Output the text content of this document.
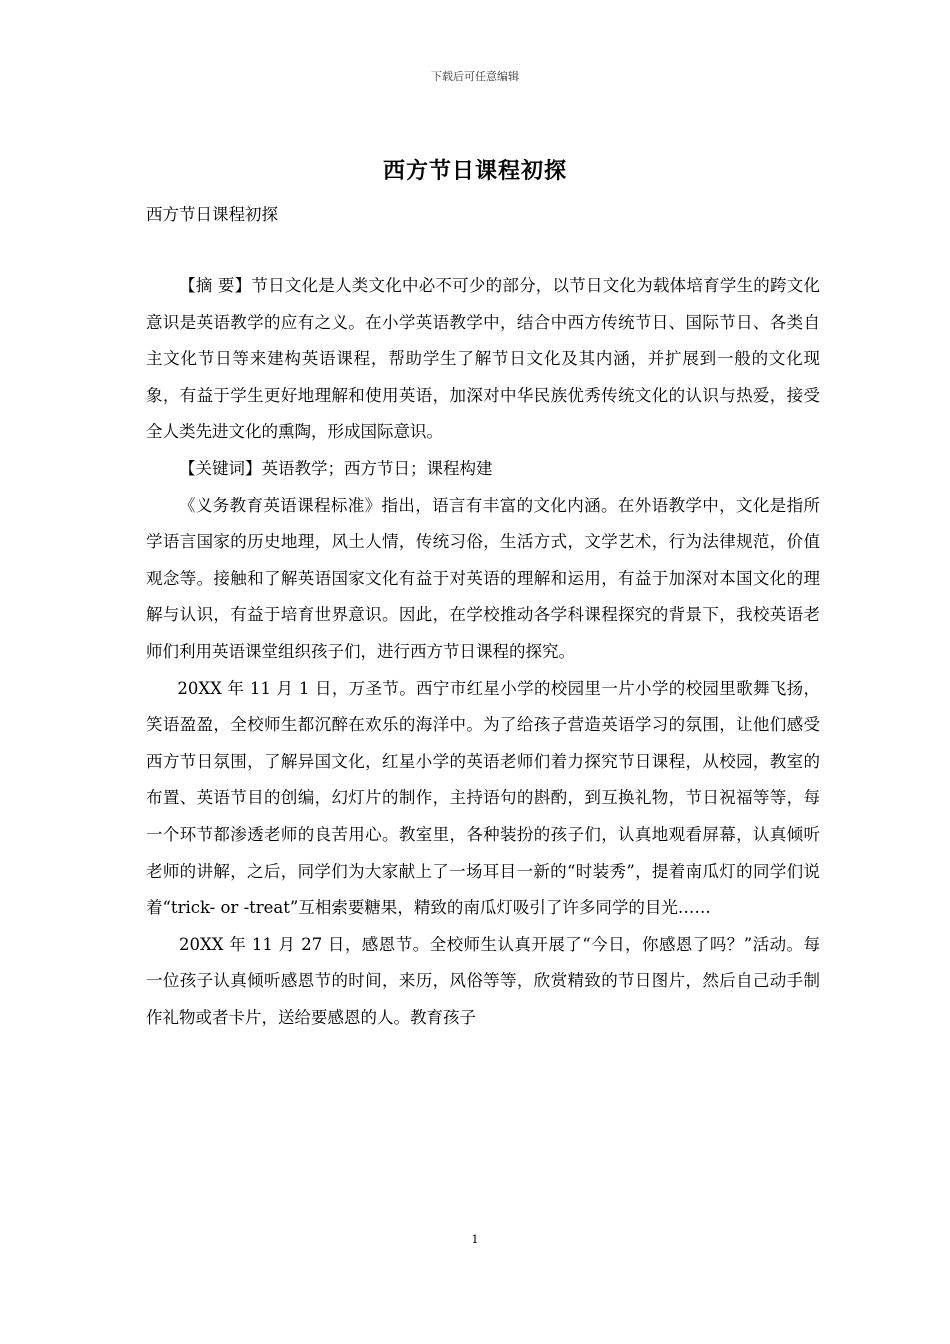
下载后可任意编辑
西方节日课程初探
西方节日课程初探

【摘 要】节日文化是人类文化中必不可少的部分，以节日文化为载体培育学生的跨文化意识是英语教学的应有之义。在小学英语教学中，结合中西方传统节日、国际节日、各类自主文化节日等来建构英语课程，帮助学生了解节日文化及其内涵，并扩展到一般的文化现象，有益于学生更好地理解和使用英语，加深对中华民族优秀传统文化的认识与热爱，接受全人类先进文化的熏陶，形成国际意识。

【关键词】英语教学；西方节日；课程构建

《义务教育英语课程标准》指出，语言有丰富的文化内涵。在外语教学中，文化是指所学语言国家的历史地理，风土人情，传统习俗，生活方式，文学艺术，行为法律规范，价值观念等。接触和了解英语国家文化有益于对英语的理解和运用，有益于加深对本国文化的理解与认识，有益于培育世界意识。因此，在学校推动各学科课程探究的背景下，我校英语老师们利用英语课堂组织孩子们，进行西方节日课程的探究。

20XX 年 11 月 1 日，万圣节。西宁市红星小学的校园里一片小学的校园里歌舞飞扬，笑语盈盈，全校师生都沉醉在欢乐的海洋中。为了给孩子营造英语学习的氛围，让他们感受西方节日氛围，了解异国文化，红星小学的英语老师们着力探究节日课程，从校园，教室的布置、英语节目的创编，幻灯片的制作，主持语句的斟酌，到互换礼物，节日祝福等等，每一个环节都渗透老师的良苦用心。教室里，各种装扮的孩子们，认真地观看屏幕，认真倾听老师的讲解，之后，同学们为大家献上了一场耳目一新的“时装秀”，提着南瓜灯的同学们说着“trick- or -treat”互相索要糖果，精致的南瓜灯吸引了许多同学的目光……

20XX 年 11 月 27 日，感恩节。全校师生认真开展了“今日，你感恩了吗？”活动。每一位孩子认真倾听感恩节的时间，来历，风俗等等，欣赏精致的节日图片，然后自己动手制作礼物或者卡片，送给要感恩的人。教育孩子

1
